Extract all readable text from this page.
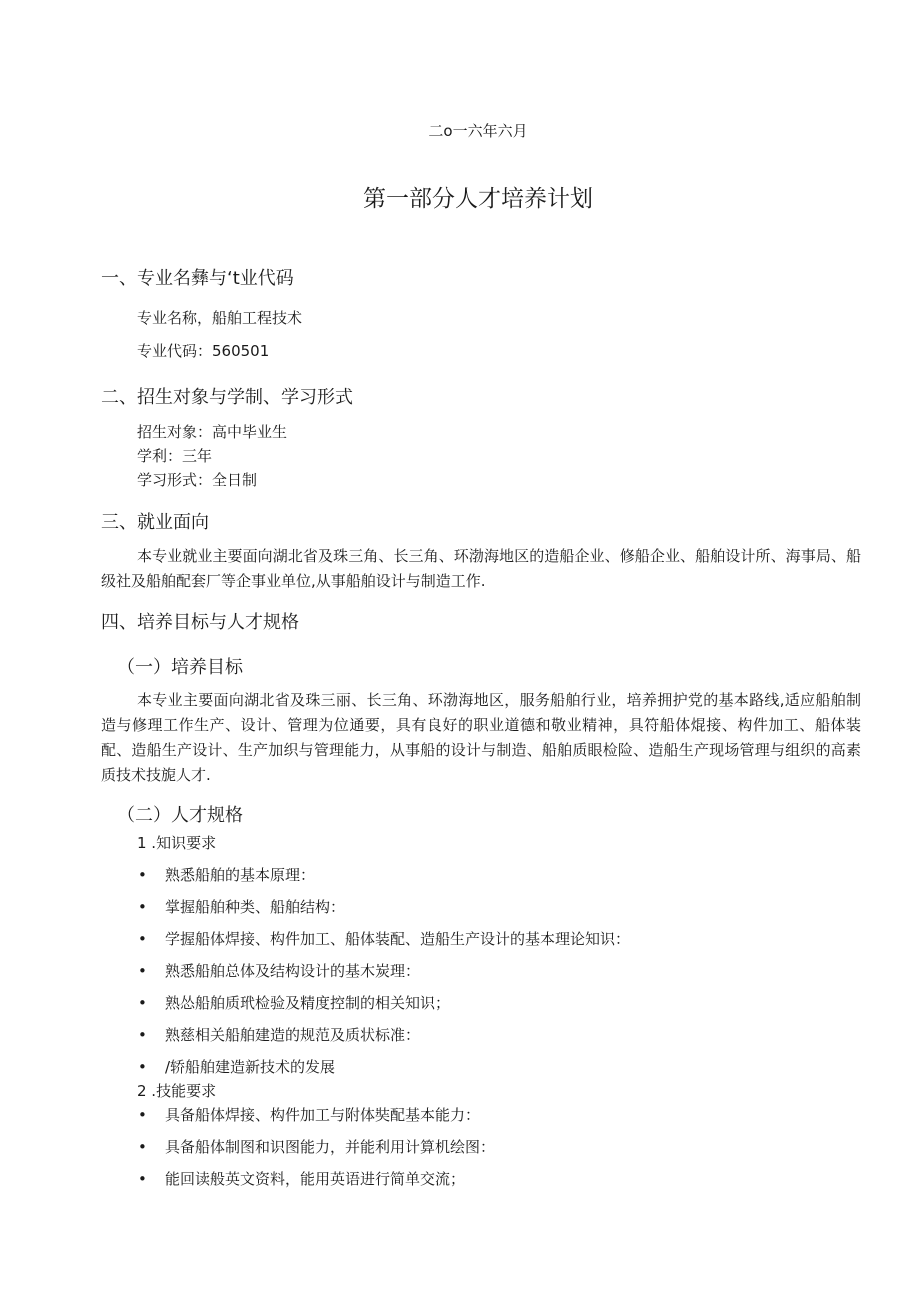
二o一六年六月
第一部分人才培养计划
一、专业名彝与‘t业代码
专业名称，船舶工程技术
专业代码：560501
二、招生对象与学制、学习形式
招生对象：高中毕业生
学利：三年
学习形式：全日制
三、就业面向
本专业就业主要面向湖北省及珠三角、长三角、环渤海地区的造船企业、修船企业、船舶设计所、海事局、船级社及船舶配套厂等企事业单位,从事船舶设计与制造工作.
四、培养目标与人才规格
（一）培养目标
本专业主要面向湖北省及珠三丽、长三角、环渤海地区，服务船舶行业，培养拥护党的基本路线,适应船舶制造与修理工作生产、设计、管理为位通要，具有良好的职业道德和敬业精神，具符船体焜接、构件加工、船体装配、造船生产设计、生产加织与管理能力，从事船的设计与制造、船舶质眼检险、造船生产现场管理与组织的高素质技术技旎人才.
（二）人才规格
1 .知识要求
• 熟悉船舶的基本原理：
• 掌握船舶种类、船舶结构：
• 学握船体焊接、构件加工、船体装配、造船生产设计的基本理论知识：
• 熟悉船舶总体及结构设计的基木炭理：
• 熟怂船舶质玳检验及精度控制的相关知识；
• 熟慈相关船舶建造的规范及质状标准：
• /轿船舶建造新技术的发展
2 .技能要求
• 具备船体焊接、构件加工与附体奘配基本能力：
• 具备船体制图和识图能力，并能利用计算机绘图：
• 能回读般英文资料，能用英语进行简单交流；
